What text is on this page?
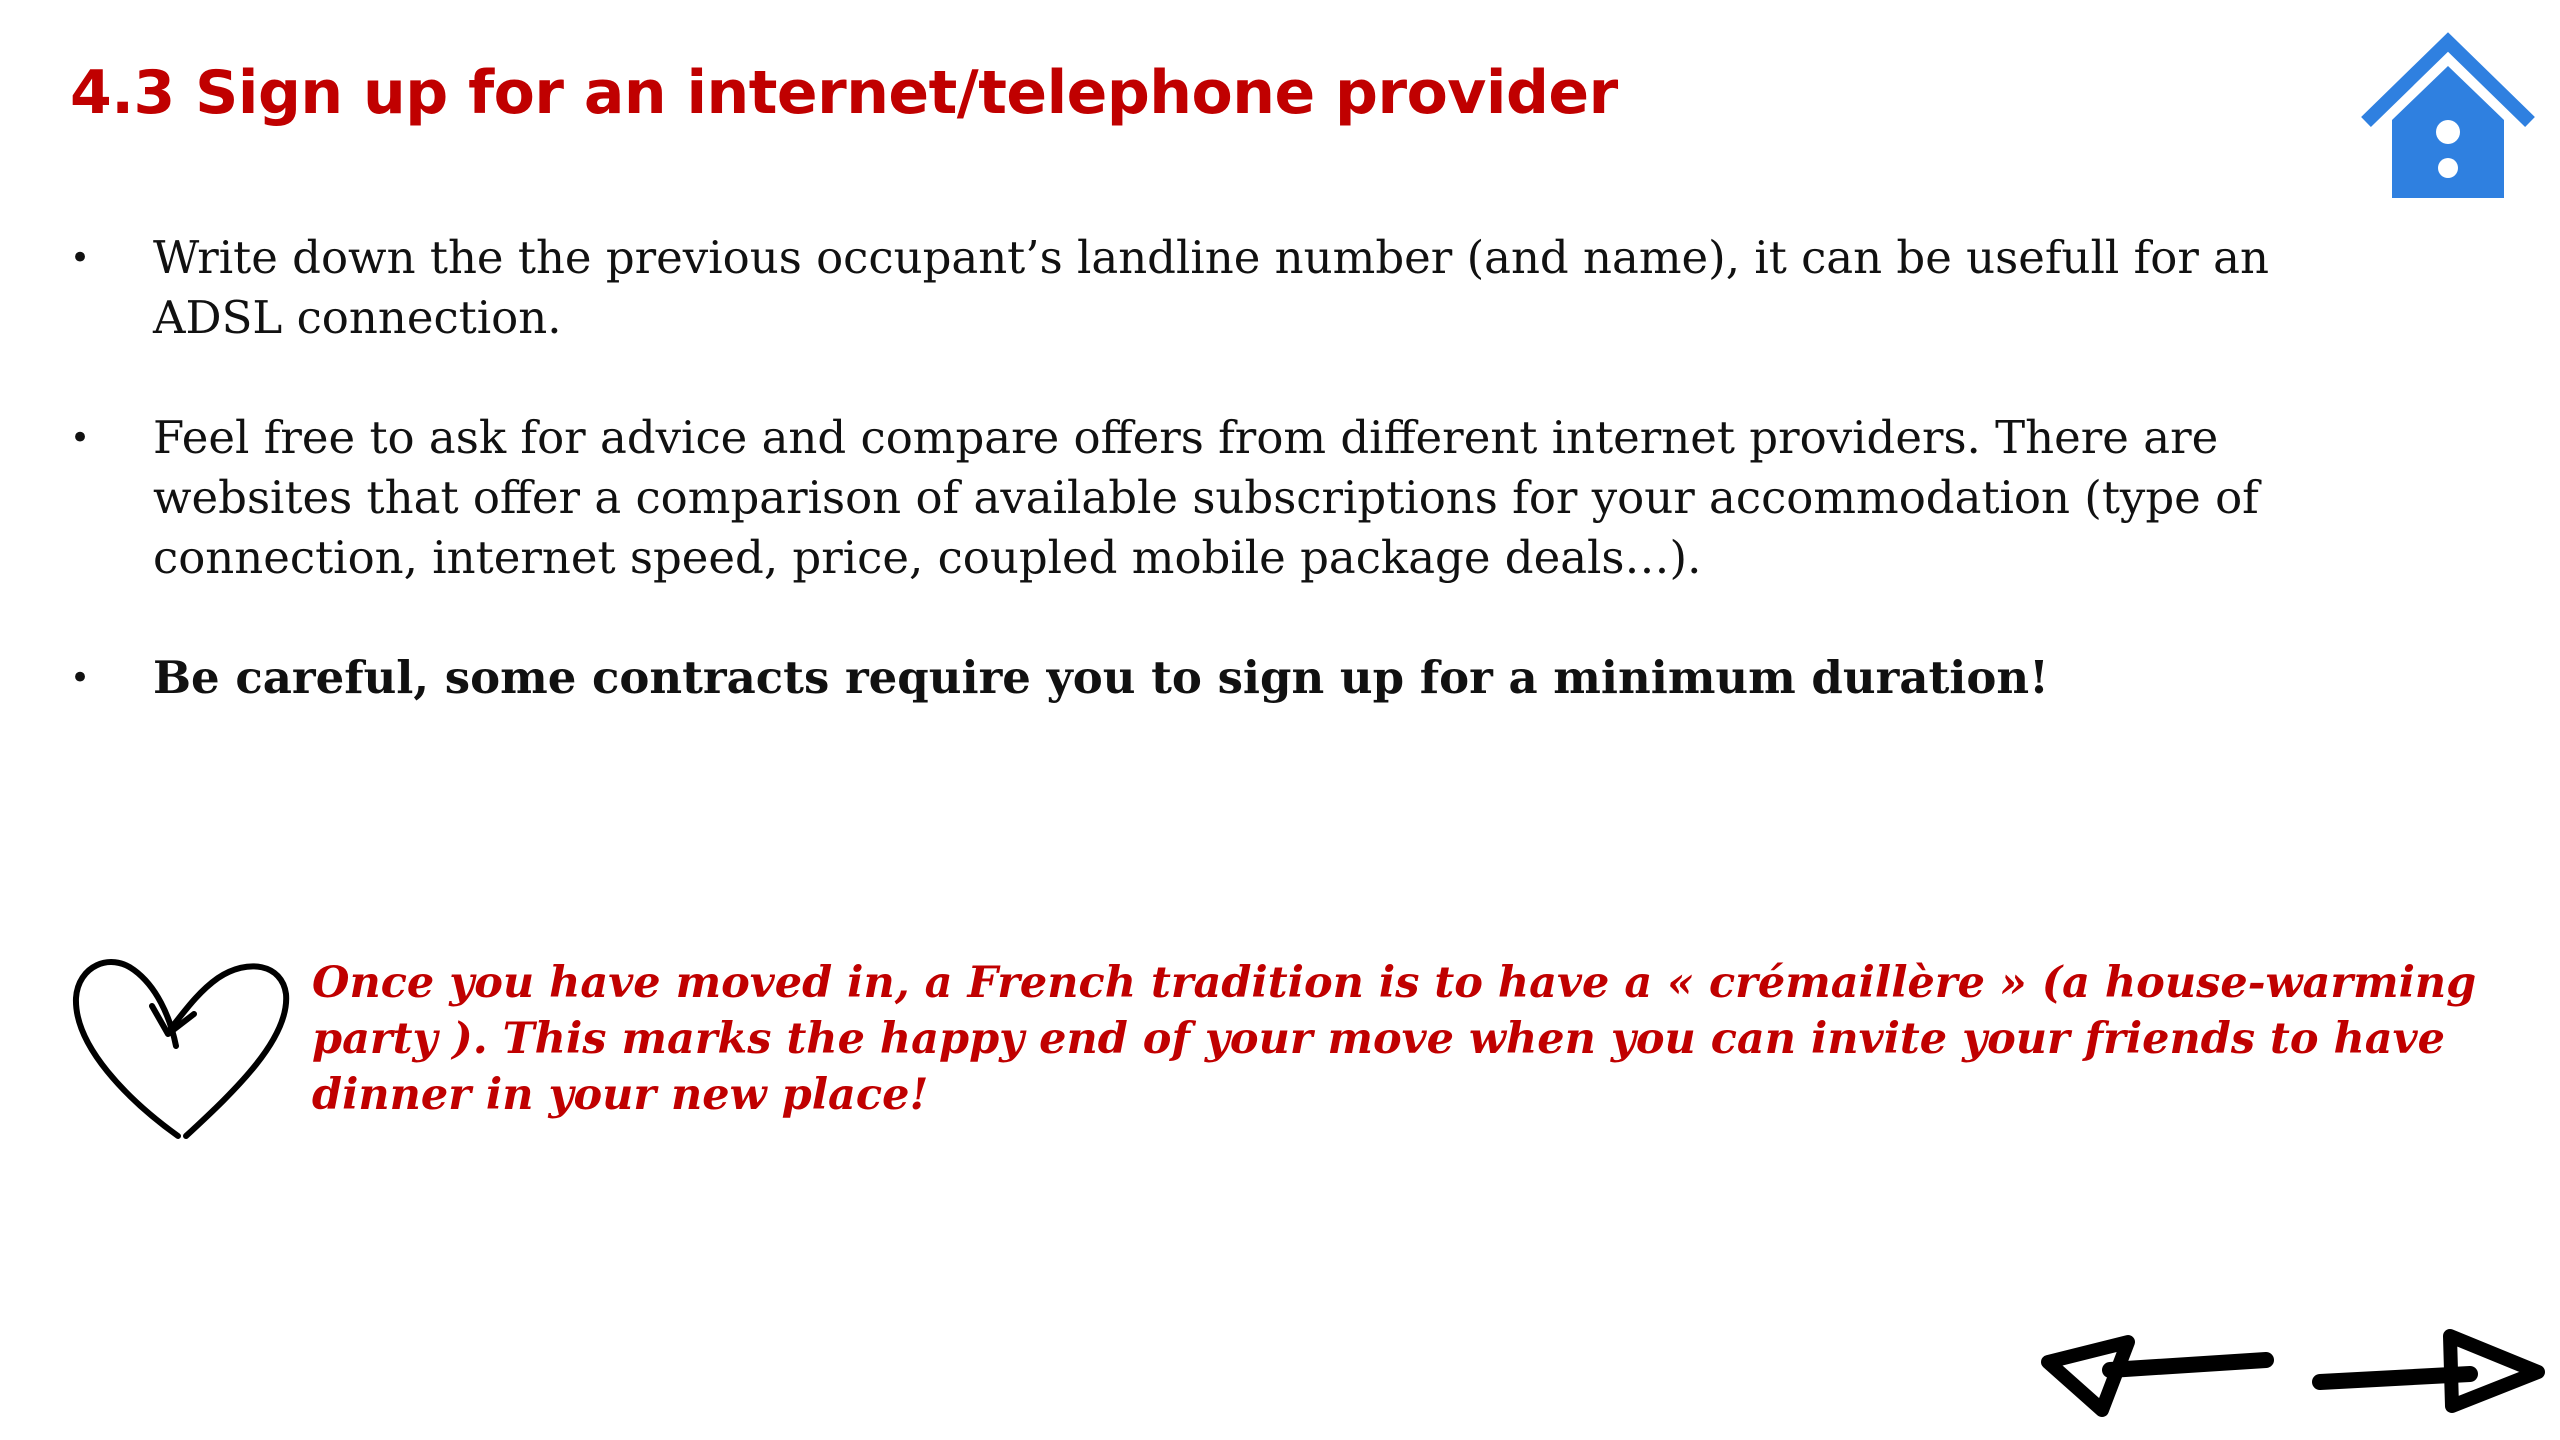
4.3 Sign up for an internet/telephone provider
•	Write down the the previous occupant’s landline number (and name), it can be usefull for an ADSL connection.
•	Feel free to ask for advice and compare offers from different internet providers. There are websites that offer a comparison of available subscriptions for your accommodation (type of connection, internet speed, price, coupled mobile package deals…).
•	Be careful, some contracts require you to sign up for a minimum duration!

Once you have moved in, a French tradition is to have a « crémaillère » (a house-warming party ). This marks the happy end of your move when you can invite your friends to have dinner in your new place!
